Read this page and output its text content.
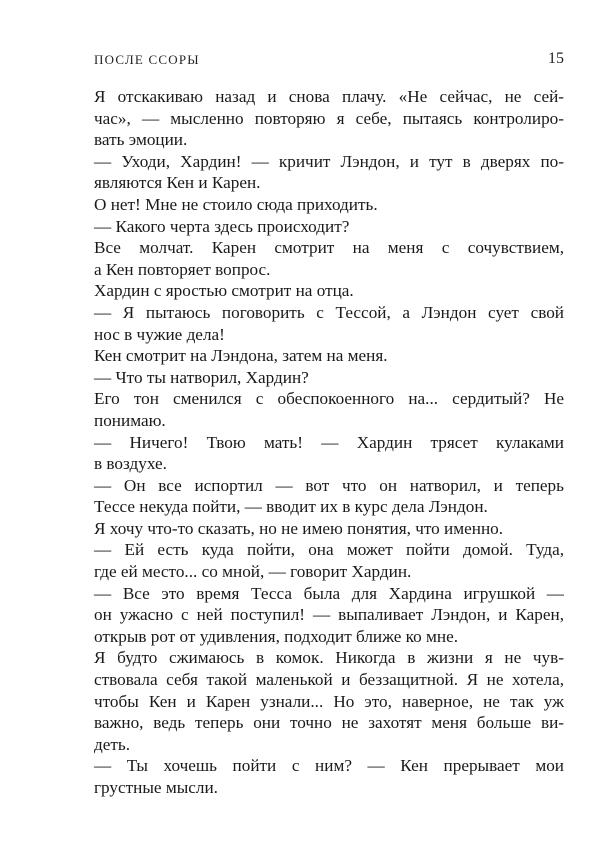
ПОСЛЕ ССОРЫ	15
Я отскакиваю назад и снова плачу. «Не сейчас, не сей-
час», — мысленно повторяю я себе, пытаясь контролиро-
вать эмоции.
— Уходи, Хардин! — кричит Лэндон, и тут в дверях по-
являются Кен и Карен.
О нет! Мне не стоило сюда приходить.
— Какого черта здесь происходит?
Все молчат. Карен смотрит на меня с сочувствием,
а Кен повторяет вопрос.
Хардин с яростью смотрит на отца.
— Я пытаюсь поговорить с Тессой, а Лэндон сует свой
нос в чужие дела!
Кен смотрит на Лэндона, затем на меня.
— Что ты натворил, Хардин?
Его тон сменился с обеспокоенного на... сердитый? Не
понимаю.
— Ничего! Твою мать! — Хардин трясет кулаками
в воздухе.
— Он все испортил — вот что он натворил, и теперь
Тессе некуда пойти, — вводит их в курс дела Лэндон.
Я хочу что-то сказать, но не имею понятия, что именно.
— Ей есть куда пойти, она может пойти домой. Туда,
где ей место... со мной, — говорит Хардин.
— Все это время Тесса была для Хардина игрушкой —
он ужасно с ней поступил! — выпаливает Лэндон, и Карен,
открыв рот от удивления, подходит ближе ко мне.
Я будто сжимаюсь в комок. Никогда в жизни я не чув-
ствовала себя такой маленькой и беззащитной. Я не хотела,
чтобы Кен и Карен узнали... Но это, наверное, не так уж
важно, ведь теперь они точно не захотят меня больше ви-
деть.
— Ты хочешь пойти с ним? — Кен прерывает мои
грустные мысли.
